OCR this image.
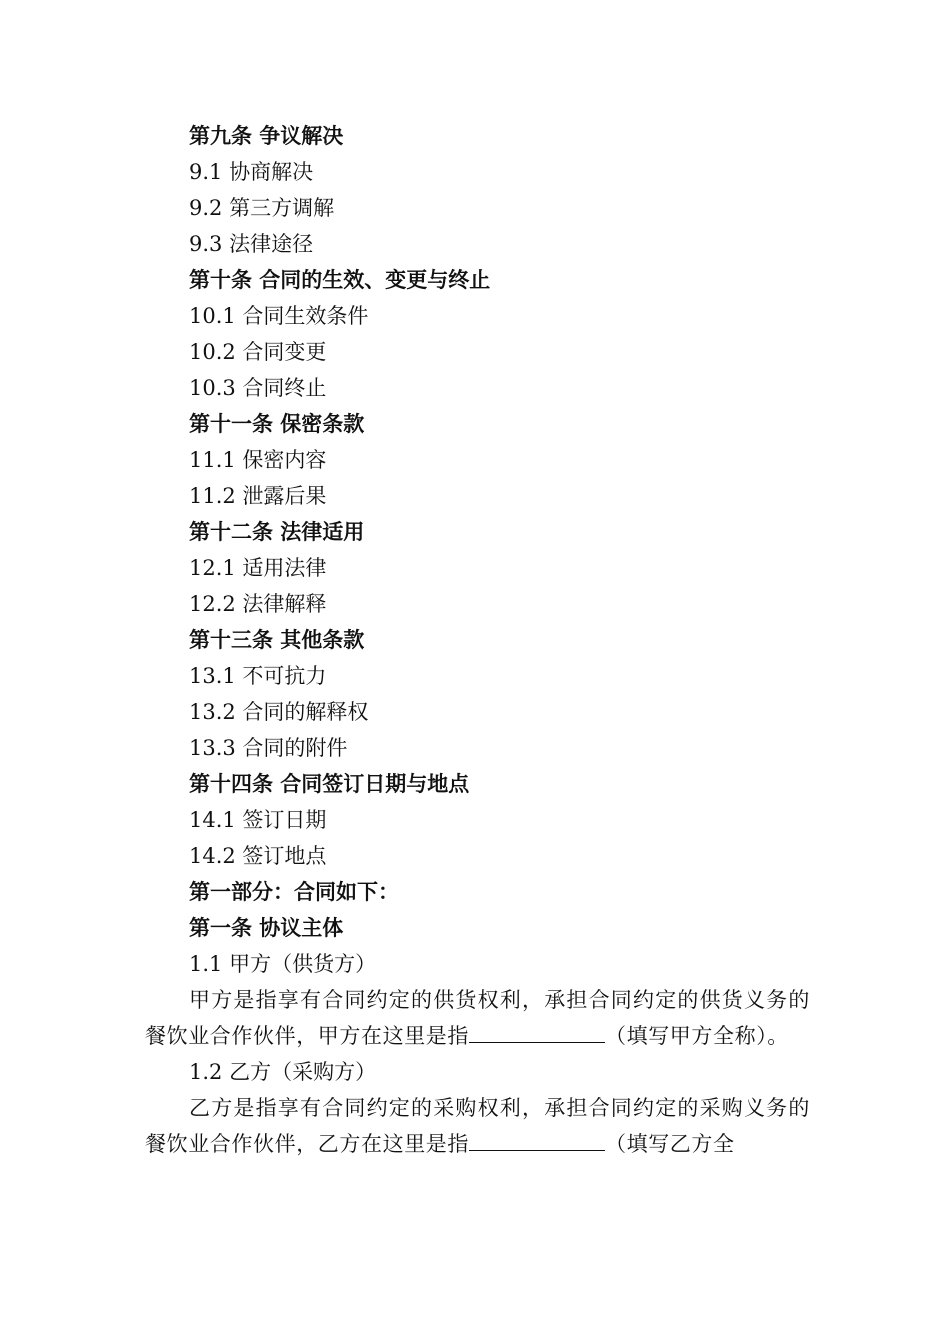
第九条 争议解决
9.1 协商解决
9.2 第三方调解
9.3 法律途径
第十条 合同的生效、变更与终止
10.1 合同生效条件
10.2 合同变更
10.3 合同终止
第十一条 保密条款
11.1 保密内容
11.2 泄露后果
第十二条 法律适用
12.1 适用法律
12.2 法律解释
第十三条 其他条款
13.1 不可抗力
13.2 合同的解释权
13.3 合同的附件
第十四条 合同签订日期与地点
14.1 签订日期
14.2 签订地点
第一部分：合同如下：
第一条 协议主体
1.1 甲方（供货方）
甲方是指享有合同约定的供货权利，承担合同约定的供货义务的餐饮业合作伙伴，甲方在这里是指	（填写甲方全称）。
1.2 乙方（采购方）
乙方是指享有合同约定的采购权利，承担合同约定的采购义务的餐饮业合作伙伴，乙方在这里是指	（填写乙方全
